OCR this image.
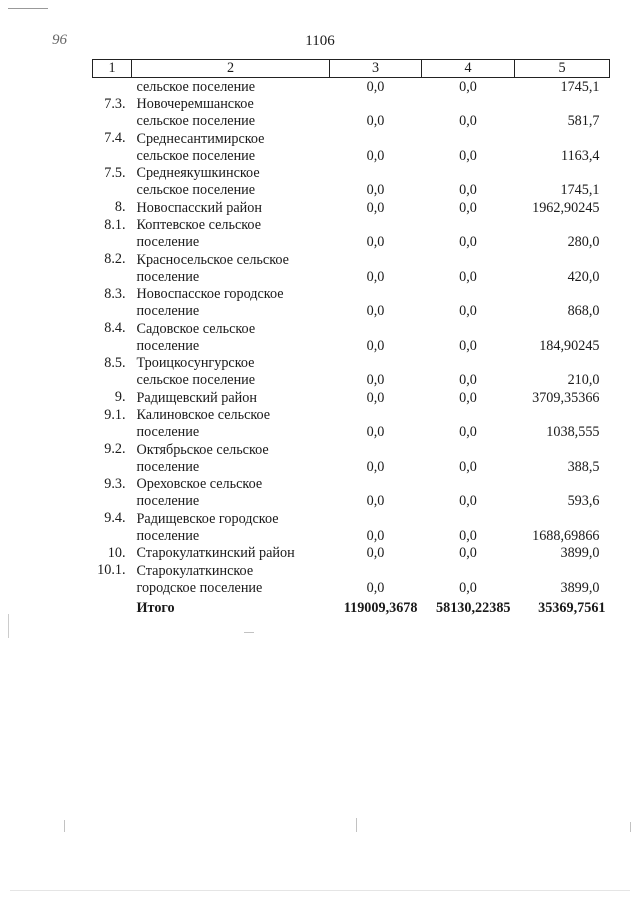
96	1106
1	2	3	4	5
	сельское поселение	0,0	0,0	1745,1
7.3.	Новочеремшанское
сельское поселение	0,0	0,0	581,7
7.4.	Среднесантимирское
сельское поселение	0,0	0,0	1163,4
7.5.	Среднеякушкинское
сельское поселение	0,0	0,0	1745,1
8.	Новоспасский район	0,0	0,0	1962,90245
8.1.	Коптевское сельское
поселение	0,0	0,0	280,0
8.2.	Красносельское сельское
поселение	0,0	0,0	420,0
8.3.	Новоспасское городское
поселение	0,0	0,0	868,0
8.4.	Садовское сельское
поселение	0,0	0,0	184,90245
8.5.	Троицкосунгурское
сельское поселение	0,0	0,0	210,0
9.	Радищевский район	0,0	0,0	3709,35366
9.1.	Калиновское сельское
поселение	0,0	0,0	1038,555
9.2.	Октябрьское сельское
поселение	0,0	0,0	388,5
9.3.	Ореховское сельское
поселение	0,0	0,0	593,6
9.4.	Радищевское городское
поселение	0,0	0,0	1688,69866
10.	Старокулаткинский район	0,0	0,0	3899,0
10.1.	Старокулаткинское
городское поселение	0,0	0,0	3899,0
	Итого	119009,3678	58130,22385	35369,7561
